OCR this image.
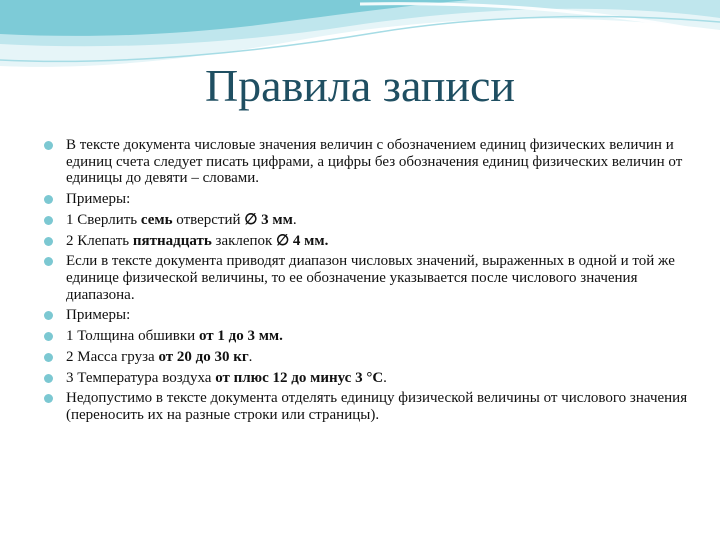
Правила записи
В тексте документа числовые значения величин с обозначением единиц физических величин и единиц счета следует писать цифрами, а цифры без обозначения единиц физических величин от единицы до девяти – словами.
Примеры:
1 Сверлить семь отверстий ∅ 3 мм.
2 Клепать пятнадцать заклепок ∅ 4 мм.
Если в тексте документа приводят диапазон числовых значений, выраженных в одной и той же единице физической величины, то ее обозначение указывается после числового значения диапазона.
Примеры:
1 Толщина обшивки от 1 до 3 мм.
2 Масса груза от 20 до 30 кг.
3 Температура воздуха от плюс 12 до минус 3 °С.
Недопустимо в тексте документа отделять единицу физической величины от числового значения (переносить их на разные строки или страницы).
